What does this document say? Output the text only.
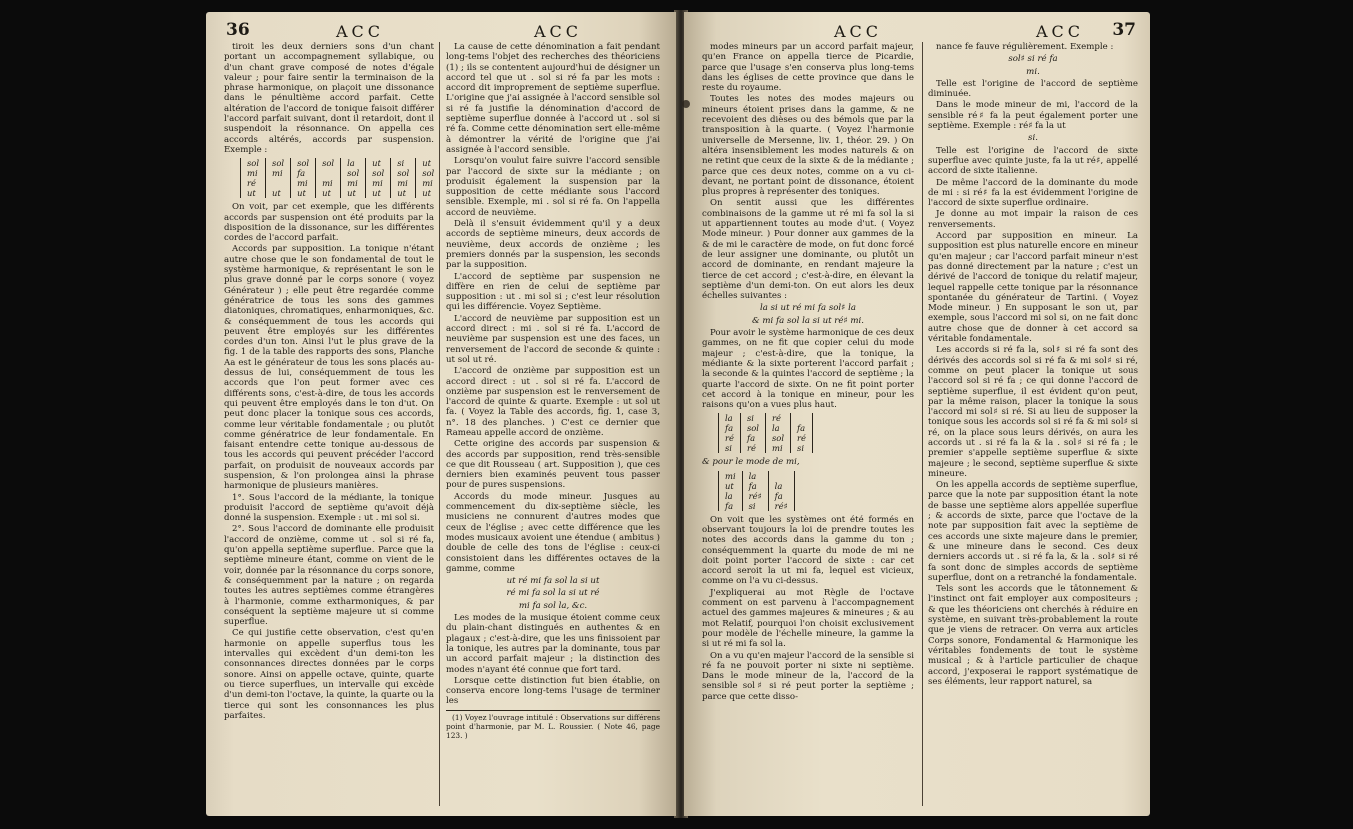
36	ACC	ACC

tiroit les deux derniers sons d'un chant portant un accompagnement syllabique, ou d'un chant grave composé de notes d'égale valeur ; pour faire sentir la terminaison de la phrase harmonique, on plaçoit une dissonance dans le pénultième accord parfait. Cette altération de l'accord de tonique faisoit différer l'accord parfait suivant, dont il retardoit, dont il suspendoit la résonnance. On appella ces accords altérés, accords par suspension. Exemple :

sol	sol	sol	sol	la	ut	si	ut
mi	mi	fa		sol	sol	sol	sol
ré		mi	mi	mi	mi	mi	mi
ut	ut	ut	ut	ut	ut	ut	ut

On voit, par cet exemple, que les différents accords par suspension ont été produits par la disposition de la dissonance, sur les différentes cordes de l'accord parfait.

Accords par supposition. La tonique n'étant autre chose que le son fondamental de tout le système harmonique, & représentant le son le plus grave donné par le corps sonore ( voyez Générateur ) ; elle peut être regardée comme génératrice de tous les sons des gammes diatoniques, chromatiques, enharmoniques, &c. & conséquemment de tous les accords qui peuvent être employés sur les différentes cordes d'un ton. Ainsi l'ut le plus grave de la fig. 1 de la table des rapports des sons, Planche Aa est le générateur de tous les sons placés au-dessus de lui, conséquemment de tous les accords que l'on peut former avec ces différents sons, c'est-à-dire, de tous les accords qui peuvent être employés dans le ton d'ut. On peut donc placer la tonique sous ces accords, comme leur véritable fondamentale ; ou plutôt comme génératrice de leur fondamentale. En faisant entendre cette tonique au-dessous de tous les accords qui peuvent précéder l'accord parfait, on produisit de nouveaux accords par suspension, & l'on prolongea ainsi la phrase harmonique de plusieurs manières.

1°. Sous l'accord de la médiante, la tonique produisit l'accord de septième qu'avoit déjà donné la suspension. Exemple : ut . mi sol si.

2°. Sous l'accord de dominante elle produisit l'accord de onzième, comme ut . sol si ré fa, qu'on appella septième superflue. Parce que la septième mineure étant, comme on vient de le voir, donnée par la résonnance du corps sonore, & conséquemment par la nature ; on regarda toutes les autres septièmes comme étrangères à l'harmonie, comme extharmoniques, & par conséquent la septième majeure ut si comme superflue.

Ce qui justifie cette observation, c'est qu'en harmonie on appelle superflus tous les intervalles qui excèdent d'un demi-ton les consonnances directes données par le corps sonore. Ainsi on appelle octave, quinte, quarte ou tierce superflues, un intervalle qui excède d'un demi-ton l'octave, la quinte, la quarte ou la tierce qui sont les consonnances les plus parfaites.

La cause de cette dénomination a fait pendant long-tems l'objet des recherches des théoriciens (1) ; ils se contentent aujourd'hui de désigner un accord tel que ut . sol si ré fa par les mots : accord dit improprement de septième superflue. L'origine que j'ai assignée à l'accord sensible sol si ré fa justifie la dénomination d'accord de septième superflue donnée à l'accord ut . sol si ré fa. Comme cette dénomination sert elle-même à démontrer la vérité de l'origine que j'ai assignée à l'accord sensible.

Lorsqu'on voulut faire suivre l'accord sensible par l'accord de sixte sur la médiante ; on produisit également la suspension par la supposition de cette médiante sous l'accord sensible. Exemple, mi . sol si ré fa. On l'appella accord de neuvième.

Delà il s'ensuit évidemment qu'il y a deux accords de septième mineurs, deux accords de neuvième, deux accords de onzième ; les premiers donnés par la suspension, les seconds par la supposition.

L'accord de septième par suspension ne diffère en rien de celui de septième par supposition : ut . mi sol si ; c'est leur résolution qui les différencie. Voyez Septième.

L'accord de neuvième par supposition est un accord direct : mi . sol si ré fa. L'accord de neuvième par suspension est une des faces, un renversement de l'accord de seconde & quinte : ut sol ut ré.

L'accord de onzième par supposition est un accord direct : ut . sol si ré fa. L'accord de onzième par suspension est le renversement de l'accord de quinte & quarte. Exemple : ut sol ut fa. ( Voyez la Table des accords, fig. 1, case 3, n°. 18 des planches. ) C'est ce dernier que Rameau appelle accord de onzième.

Cette origine des accords par suspension & des accords par supposition, rend très-sensible ce que dit Rousseau ( art. Supposition ), que ces derniers bien examinés peuvent tous passer pour de pures suspensions.

Accords du mode mineur. Jusques au commencement du dix-septième siècle, les musiciens ne connurent d'autres modes que ceux de l'église ; avec cette différence que les modes musicaux avoient une étendue ( ambitus ) double de celle des tons de l'église : ceux-ci consistoient dans les différentes octaves de la gamme, comme

ut ré mi fa sol la si ut
ré mi fa sol la si ut ré
mi fa sol la, &c.

Les modes de la musique étoient comme ceux du plain-chant distingués en authentes & en plagaux ; c'est-à-dire, que les uns finissoient par la tonique, les autres par la dominante, tous par un accord parfait majeur ; la distinction des modes n'ayant été connue que fort tard.

Lorsque cette distinction fut bien établie, on conserva encore long-tems l'usage de terminer les

(1) Voyez l'ouvrage intitulé : Observations sur différens point d'harmonie, par M. L. Roussier. ( Note 46, page 123. )
ACC	ACC 37

modes mineurs par un accord parfait majeur, qu'en France on appella tierce de Picardie, parce que l'usage s'en conserva plus long-tems dans les églises de cette province que dans le reste du royaume.

Toutes les notes des modes majeurs ou mineurs étoient prises dans la gamme, & ne recevoient des dièses ou des bémols que par la transposition à la quarte. ( Voyez l'harmonie universelle de Mersenne, liv. 1, théor. 29. ) On altéra insensiblement les modes naturels & on ne retint que ceux de la sixte & de la médiante ; parce que ces deux notes, comme on a vu ci-devant, ne portant point de dissonance, étoient plus propres à représenter des toniques.

On sentit aussi que les différentes combinaisons de la gamme ut ré mi fa sol la si ut appartiennent toutes au mode d'ut. ( Voyez Mode mineur. ) Pour donner aux gammes de la & de mi le caractère de mode, on fut donc forcé de leur assigner une dominante, ou plutôt un accord de dominante, en rendant majeure la tierce de cet accord ; c'est-à-dire, en élevant la septième d'un demi-ton. On eut alors les deux échelles suivantes :

la si ut ré mi fa sol♯ la
& mi fa sol la si ut ré♯ mi.

Pour avoir le système harmonique de ces deux gammes, on ne fit que copier celui du mode majeur ; c'est-à-dire, que la tonique, la médiante & la sixte porterent l'accord parfait ; la seconde & la quintes l'accord de septième ; la quarte l'accord de sixte. On ne fit point porter cet accord à la tonique en mineur, pour les raisons qu'on a vues plus haut.

la	si	ré	
fa	sol	la	fa
ré	fa	sol	ré
si	ré	mi	si
& pour le mode de mi,
mi	la	
ut	fa	la
la	ré♯	fa
fa	si	ré♯

On voit que les systèmes ont été formés en observant toujours la loi de prendre toutes les notes des accords dans la gamme du ton ; conséquemment la quarte du mode de mi ne doit point porter l'accord de sixte : car cet accord seroit la ut mi fa, lequel est vicieux, comme on l'a vu ci-dessus.

J'expliquerai au mot Règle de l'octave comment on est parvenu à l'accompagnement actuel des gammes majeures & mineures ; & au mot Relatif, pourquoi l'on choisit exclusivement pour modèle de l'échelle mineure, la gamme la si ut ré mi fa sol la.

On a vu qu'en majeur l'accord de la sensible si ré fa ne pouvoit porter ni sixte ni septième. Dans le mode mineur de la, l'accord de la sensible sol♯ si ré peut porter la septième ; parce que cette disso-

nance fe fauve régulièrement. Exemple :

sol♯ si ré fa
mi.

Telle est l'origine de l'accord de septième diminuée.

Dans le mode mineur de mi, l'accord de la sensible ré♯ fa la peut également porter une septième. Exemple : ré♯ fa la ut

si.

Telle est l'origine de l'accord de sixte superflue avec quinte juste, fa la ut ré♯, appellé accord de sixte italienne.

De même l'accord de la dominante du mode de mi : si ré♯ fa la est évidemment l'origine de l'accord de sixte superflue ordinaire.

Je donne au mot impair la raison de ces renversements.

Accord par supposition en mineur. La supposition est plus naturelle encore en mineur qu'en majeur ; car l'accord parfait mineur n'est pas donné directement par la nature ; c'est un dérivé de l'accord de tonique du relatif majeur, lequel rappelle cette tonique par la résonnance spontanée du générateur de Tartini. ( Voyez Mode mineur. ) En supposant le son ut, par exemple, sous l'accord mi sol si, on ne fait donc autre chose que de donner à cet accord sa véritable fondamentale.

Les accords si ré fa la, sol♯ si ré fa sont des dérivés des accords sol si ré fa & mi sol♯ si ré, comme on peut placer la tonique ut sous l'accord sol si ré fa ; ce qui donne l'accord de septième superflue, il est évident qu'on peut, par la même raison, placer la tonique la sous l'accord mi sol♯ si ré. Si au lieu de supposer la tonique sous les accords sol si ré fa & mi sol♯ si ré, on la place sous leurs dérivés, on aura les accords ut . si ré fa la & la . sol♯ si ré fa ; le premier s'appelle septième superflue & sixte majeure ; le second, septième superflue & sixte mineure.

On les appella accords de septième superflue, parce que la note par supposition étant la note de basse une septième alors appellée superflue ; & accords de sixte, parce que l'octave de la note par supposition fait avec la septième de ces accords une sixte majeure dans le premier, & une mineure dans le second. Ces deux derniers accords ut . si ré fa la, & la . sol♯ si ré fa sont donc de simples accords de septième superflue, dont on a retranché la fondamentale.

Tels sont les accords que le tâtonnement & l'instinct ont fait employer aux compositeurs ; & que les théoriciens ont cherchés à réduire en système, en suivant très-probablement la route que je viens de retracer. On verra aux articles Corps sonore, Fondamental & Harmonique les véritables fondements de tout le système musical ; & à l'article particulier de chaque accord, j'exposerai le rapport systématique de ses éléments, leur rapport naturel, sa
